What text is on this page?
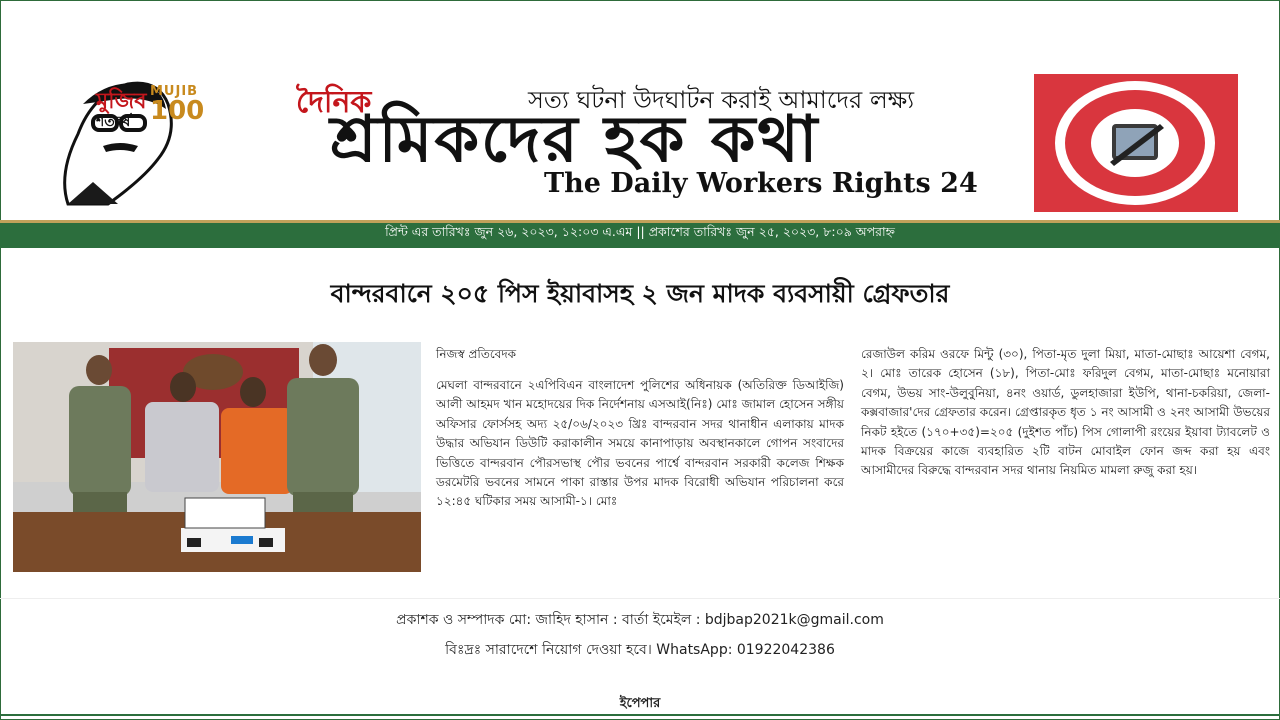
মুজিব MUJIB
100
শতবর্ষ
দৈনিক	সত্য ঘটনা উদঘাটন করাই আমাদের লক্ষ্য
শ্রমিকদের হক কথা
The Daily Workers Rights 24
প্রিন্ট এর তারিখঃ জুন ২৬, ২০২৩, ১২:০৩ এ.এম || প্রকাশের তারিখঃ জুন ২৫, ২০২৩, ৮:০৯ অপরাহ্ন
বান্দরবানে ২০৫ পিস ইয়াবাসহ ২ জন মাদক ব্যবসায়ী গ্রেফতার
নিজস্ব প্রতিবেদক
মেঘলা বান্দরবানে ২এপিবিএন বাংলাদেশ পুলিশের অধিনায়ক (অতিরিক্ত ডিআইজি) আলী আহমদ খান মহোদয়ের দিক নির্দেশনায় এসআই(নিঃ) মোঃ জামাল হোসেন সঙ্গীয় অফিসার ফোর্সসহ অদ্য ২৫/০৬/২০২৩ খ্রিঃ বান্দরবান সদর থানাধীন এলাকায় মাদক উদ্ধার অভিযান ডিউটি করাকালীন সময়ে কানাপাড়ায় অবস্থানকালে গোপন সংবাদের ভিত্তিতে বান্দরবান পৌরসভাস্থ পৌর ভবনের পার্শ্বে বান্দরবান সরকারী কলেজ শিক্ষক ডরমেটরি ভবনের সামনে পাকা রাস্তার উপর মাদক বিরোধী অভিযান পরিচালনা করে ১২:৪৫ ঘটিকার সময় আসামী-১। মোঃ
রেজাউল করিম ওরফে মিন্টু (৩০), পিতা-মৃত দুলা মিয়া, মাতা-মোছাঃ আয়েশা বেগম, ২। মোঃ তারেক হোসেন (১৮), পিতা-মোঃ ফরিদুল বেগম, মাতা-মোছাঃ মনোয়ারা বেগম, উভয় সাং-উলুবুনিয়া, ৪নং ওয়ার্ড, ডুলহাজারা ইউপি, থানা-চকরিয়া, জেলা-কক্সবাজার'দের গ্রেফতার করেন। গ্রেপ্তারকৃত ধৃত ১ নং আসামী ও ২নং আসামী উভয়ের নিকট হইতে (১৭০+৩৫)=২০৫ (দুইশত পাঁচ) পিস গোলাপী রংয়ের ইয়াবা ট্যাবলেট ও মাদক বিক্রয়ের কাজে ব্যবহারিত ২টি বাটন মোবাইল ফোন জব্দ করা হয় এবং আসামীদের বিরুদ্ধে বান্দরবান সদর থানায় নিয়মিত মামলা রুজু করা হয়।
প্রকাশক ও সম্পাদক মো: জাহিদ হাসান : বার্তা ইমেইল : bdjbap2021k@gmail.com
বিঃদ্রঃ সারাদেশে নিয়োগ দেওয়া হবে। WhatsApp: 01922042386
ইপেপার
